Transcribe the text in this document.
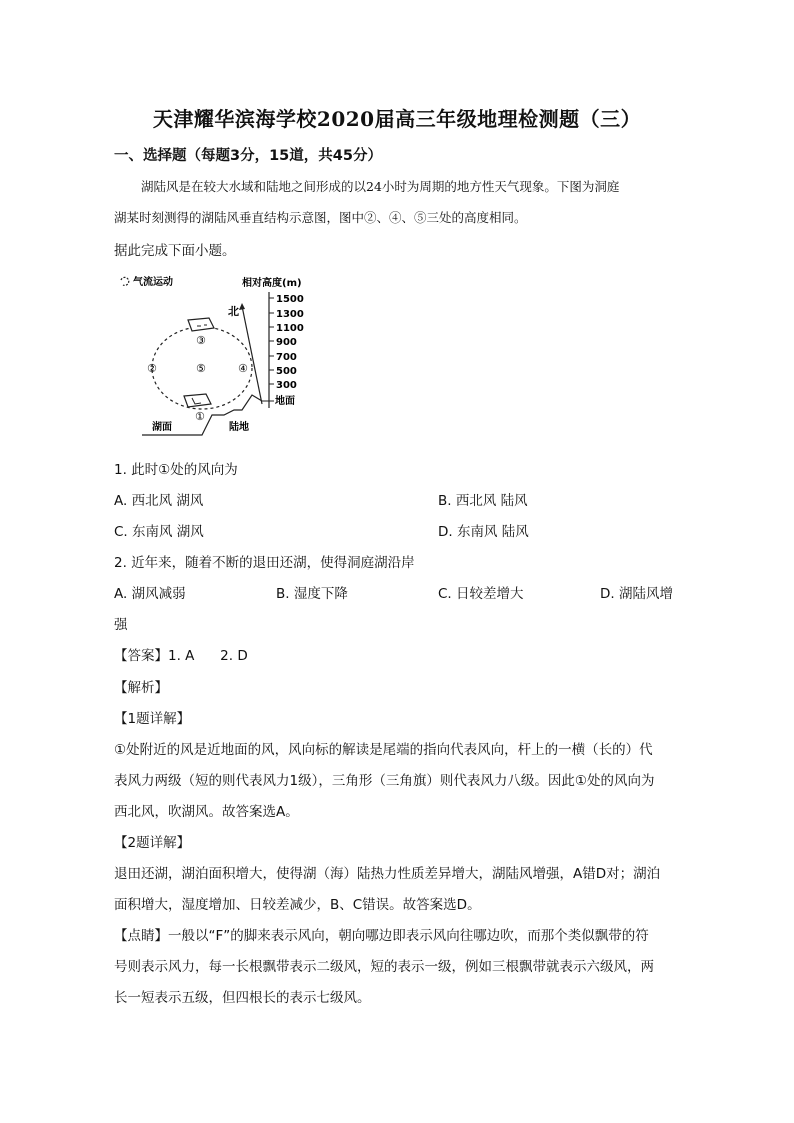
天津耀华滨海学校2020届高三年级地理检测题（三）
一、选择题（每题3分，15道，共45分）
湖陆风是在较大水域和陆地之间形成的以24小时为周期的地方性天气现象。下图为洞庭
湖某时刻测得的湖陆风垂直结构示意图，图中②、④、⑤三处的高度相同。
据此完成下面小题。
气流运动	相对高度(m)
1500
1300
1100
900
700
500
300
地面
北
①
②
③
④
⑤
湖面	陆地
1. 此时①处的风向为
A. 西北风 湖风	B. 西北风 陆风
C. 东南风 湖风	D. 东南风 陆风
2. 近年来，随着不断的退田还湖，使得洞庭湖沿岸
A. 湖风减弱	B. 湿度下降	C. 日较差增大	D. 湖陆风增
强
【答案】1. A      2. D
【解析】
【1题详解】
①处附近的风是近地面的风，风向标的解读是尾端的指向代表风向，杆上的一横（长的）代
表风力两级（短的则代表风力1级），三角形（三角旗）则代表风力八级。因此①处的风向为
西北风，吹湖风。故答案选A。
【2题详解】
退田还湖，湖泊面积增大，使得湖（海）陆热力性质差异增大，湖陆风增强，A错D对；湖泊
面积增大，湿度增加、日较差减少，B、C错误。故答案选D。
【点睛】一般以“F”的脚来表示风向，朝向哪边即表示风向往哪边吹，而那个类似飘带的符
号则表示风力，每一长根飘带表示二级风，短的表示一级，例如三根飘带就表示六级风，两
长一短表示五级，但四根长的表示七级风。
